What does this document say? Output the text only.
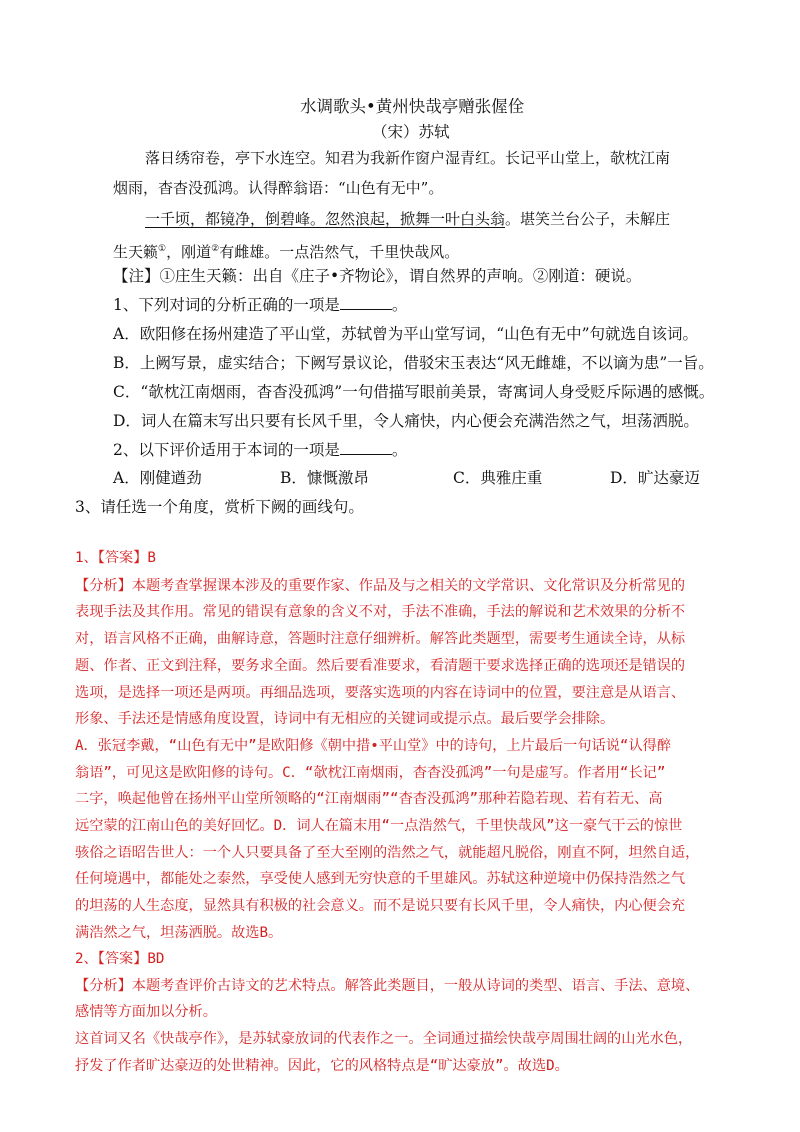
水调歌头•黄州快哉亭赠张偓佺
（宋）苏轼
落日绣帘卷，亭下水连空。知君为我新作窗户湿青红。长记平山堂上，欹枕江南
烟雨，杳杳没孤鸿。认得醉翁语：“山色有无中”。
一千顷，都镜净，倒碧峰。忽然浪起，掀舞一叶白头翁。堪笑兰台公子，未解庄
生天籁①，刚道②有雌雄。一点浩然气，千里快哉风。
【注】①庄生天籁：出自《庄子•齐物论》，谓自然界的声响。②刚道：硬说。
1、下列对词的分析正确的一项是	。
A．欧阳修在扬州建造了平山堂，苏轼曾为平山堂写词，“山色有无中”句就选自该词。
B．上阙写景，虚实结合；下阙写景议论，借驳宋玉表达“风无雌雄，不以谪为患”一旨。
C．“欹枕江南烟雨，杳杳没孤鸿”一句借描写眼前美景，寄寓词人身受贬斥际遇的感慨。
D．词人在篇末写出只要有长风千里，令人痛快，内心便会充满浩然之气，坦荡洒脱。
2、以下评价适用于本词的一项是	。
A．刚健遒劲	B．慷慨激昂	C．典雅庄重	D．旷达豪迈
3、请任选一个角度，赏析下阙的画线句。
1、【答案】B
【分析】本题考查掌握课本涉及的重要作家、作品及与之相关的文学常识、文化常识及分析常见的
表现手法及其作用。常见的错误有意象的含义不对，手法不准确，手法的解说和艺术效果的分析不
对，语言风格不正确，曲解诗意，答题时注意仔细辨析。解答此类题型，需要考生通读全诗，从标
题、作者、正文到注释，要务求全面。然后要看准要求，看清题干要求选择正确的选项还是错误的
选项，是选择一项还是两项。再细品选项，要落实选项的内容在诗词中的位置，要注意是从语言、
形象、手法还是情感角度设置，诗词中有无相应的关键词或提示点。最后要学会排除。
A．张冠李戴，“山色有无中”是欧阳修《朝中措•平山堂》中的诗句，上片最后一句话说“认得醉
翁语”，可见这是欧阳修的诗句。C．“欹枕江南烟雨，杳杳没孤鸿”一句是虚写。作者用“长记”
二字，唤起他曾在扬州平山堂所领略的“江南烟雨”“杳杳没孤鸿”那种若隐若现、若有若无、高
远空蒙的江南山色的美好回忆。D．词人在篇末用“一点浩然气，千里快哉风”这一豪气干云的惊世
骇俗之语昭告世人：一个人只要具备了至大至刚的浩然之气，就能超凡脱俗，刚直不阿，坦然自适，
任何境遇中，都能处之泰然，享受使人感到无穷快意的千里雄风。苏轼这种逆境中仍保持浩然之气
的坦荡的人生态度，显然具有积极的社会意义。而不是说只要有长风千里，令人痛快，内心便会充
满浩然之气，坦荡洒脱。故选B。
2、【答案】BD
【分析】本题考查评价古诗文的艺术特点。解答此类题目，一般从诗词的类型、语言、手法、意境、
感情等方面加以分析。
这首词又名《快哉亭作》，是苏轼豪放词的代表作之一。全词通过描绘快哉亭周围壮阔的山光水色，
抒发了作者旷达豪迈的处世精神。因此，它的风格特点是“旷达豪放”。故选D。
